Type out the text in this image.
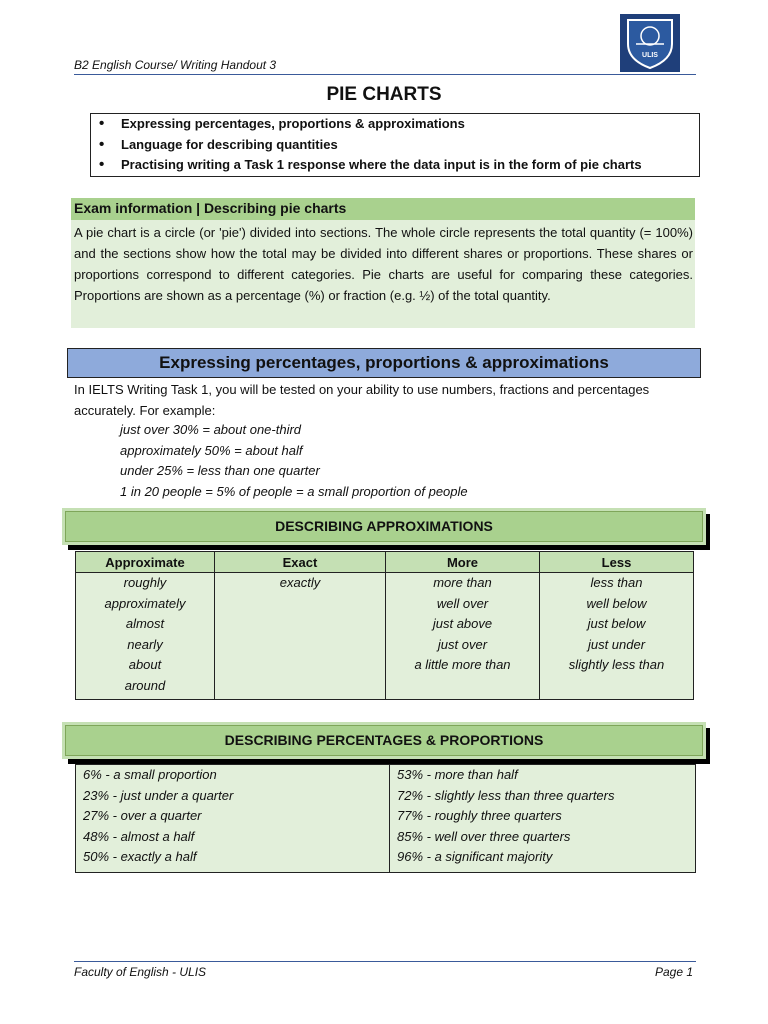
B2 English Course/ Writing Handout 3
ULIS
PIE CHARTS
• Expressing percentages, proportions & approximations
• Language for describing quantities
• Practising writing a Task 1 response where the data input is in the form of pie charts
Exam information | Describing pie charts
A pie chart is a circle (or 'pie') divided into sections. The whole circle represents the total quantity (= 100%) and the sections show how the total may be divided into different shares or proportions. These shares or proportions correspond to different categories. Pie charts are useful for comparing these categories. Proportions are shown as a percentage (%) or fraction (e.g. ½) of the total quantity.
Expressing percentages, proportions & approximations
In IELTS Writing Task 1, you will be tested on your ability to use numbers, fractions and percentages accurately. For example:
just over 30% = about one-third
approximately 50% = about half
under 25% = less than one quarter
1 in 20 people = 5% of people = a small proportion of people
DESCRIBING APPROXIMATIONS
Approximate	Exact	More	Less
roughly	exactly	more than	less than
approximately		well over	well below
almost		just above	just below
nearly		just over	just under
about		a little more than	slightly less than
around			
DESCRIBING PERCENTAGES & PROPORTIONS
6% - a small proportion	53% - more than half
23% - just under a quarter	72% - slightly less than three quarters
27% - over a quarter	77% - roughly three quarters
48% - almost a half	85% - well over three quarters
50% - exactly a half	96% - a significant majority
Faculty of English - ULIS	Page 1
